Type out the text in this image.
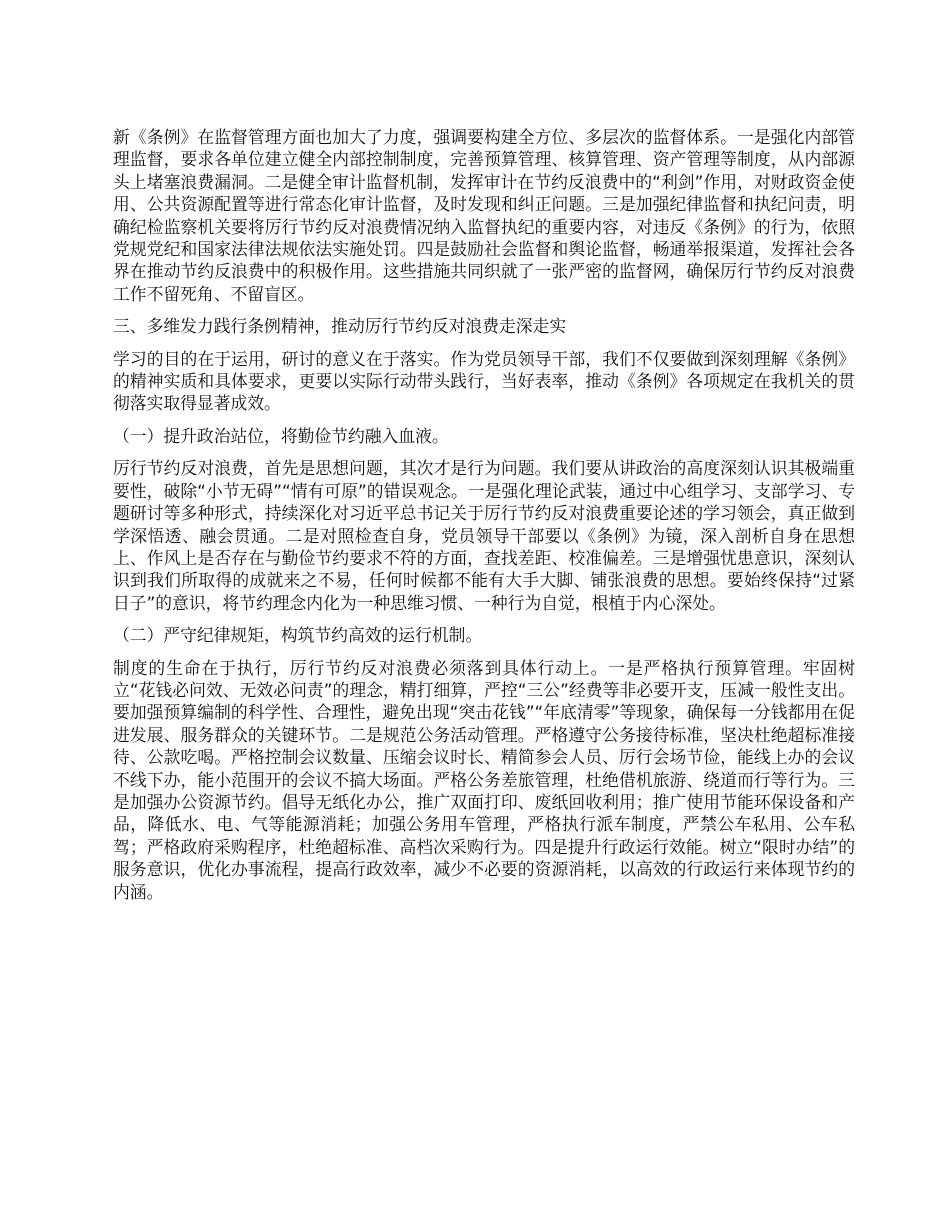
新《条例》在监督管理方面也加大了力度，强调要构建全方位、多层次的监督体系。一是强化内部管理监督，要求各单位建立健全内部控制制度，完善预算管理、核算管理、资产管理等制度，从内部源头上堵塞浪费漏洞。二是健全审计监督机制，发挥审计在节约反浪费中的“利剑”作用，对财政资金使用、公共资源配置等进行常态化审计监督，及时发现和纠正问题。三是加强纪律监督和执纪问责，明确纪检监察机关要将厉行节约反对浪费情况纳入监督执纪的重要内容，对违反《条例》的行为，依照党规党纪和国家法律法规依法实施处罚。四是鼓励社会监督和舆论监督，畅通举报渠道，发挥社会各界在推动节约反浪费中的积极作用。这些措施共同织就了一张严密的监督网，确保厉行节约反对浪费工作不留死角、不留盲区。

三、多维发力践行条例精神，推动厉行节约反对浪费走深走实

学习的目的在于运用，研讨的意义在于落实。作为党员领导干部，我们不仅要做到深刻理解《条例》的精神实质和具体要求，更要以实际行动带头践行，当好表率，推动《条例》各项规定在我机关的贯彻落实取得显著成效。

（一）提升政治站位，将勤俭节约融入血液。

厉行节约反对浪费，首先是思想问题，其次才是行为问题。我们要从讲政治的高度深刻认识其极端重要性，破除“小节无碍”“情有可原”的错误观念。一是强化理论武装，通过中心组学习、支部学习、专题研讨等多种形式，持续深化对习近平总书记关于厉行节约反对浪费重要论述的学习领会，真正做到学深悟透、融会贯通。二是对照检查自身，党员领导干部要以《条例》为镜，深入剖析自身在思想上、作风上是否存在与勤俭节约要求不符的方面，查找差距、校准偏差。三是增强忧患意识，深刻认识到我们所取得的成就来之不易，任何时候都不能有大手大脚、铺张浪费的思想。要始终保持“过紧日子”的意识，将节约理念内化为一种思维习惯、一种行为自觉，根植于内心深处。

（二）严守纪律规矩，构筑节约高效的运行机制。

制度的生命在于执行，厉行节约反对浪费必须落到具体行动上。一是严格执行预算管理。牢固树立“花钱必问效、无效必问责”的理念，精打细算，严控“三公”经费等非必要开支，压减一般性支出。要加强预算编制的科学性、合理性，避免出现“突击花钱”“年底清零”等现象，确保每一分钱都用在促进发展、服务群众的关键环节。二是规范公务活动管理。严格遵守公务接待标准，坚决杜绝超标准接待、公款吃喝。严格控制会议数量、压缩会议时长、精简参会人员、厉行会场节俭，能线上办的会议不线下办，能小范围开的会议不搞大场面。严格公务差旅管理，杜绝借机旅游、绕道而行等行为。三是加强办公资源节约。倡导无纸化办公，推广双面打印、废纸回收利用；推广使用节能环保设备和产品，降低水、电、气等能源消耗；加强公务用车管理，严格执行派车制度，严禁公车私用、公车私驾；严格政府采购程序，杜绝超标准、高档次采购行为。四是提升行政运行效能。树立“限时办结”的服务意识，优化办事流程，提高行政效率，减少不必要的资源消耗，以高效的行政运行来体现节约的内涵。
